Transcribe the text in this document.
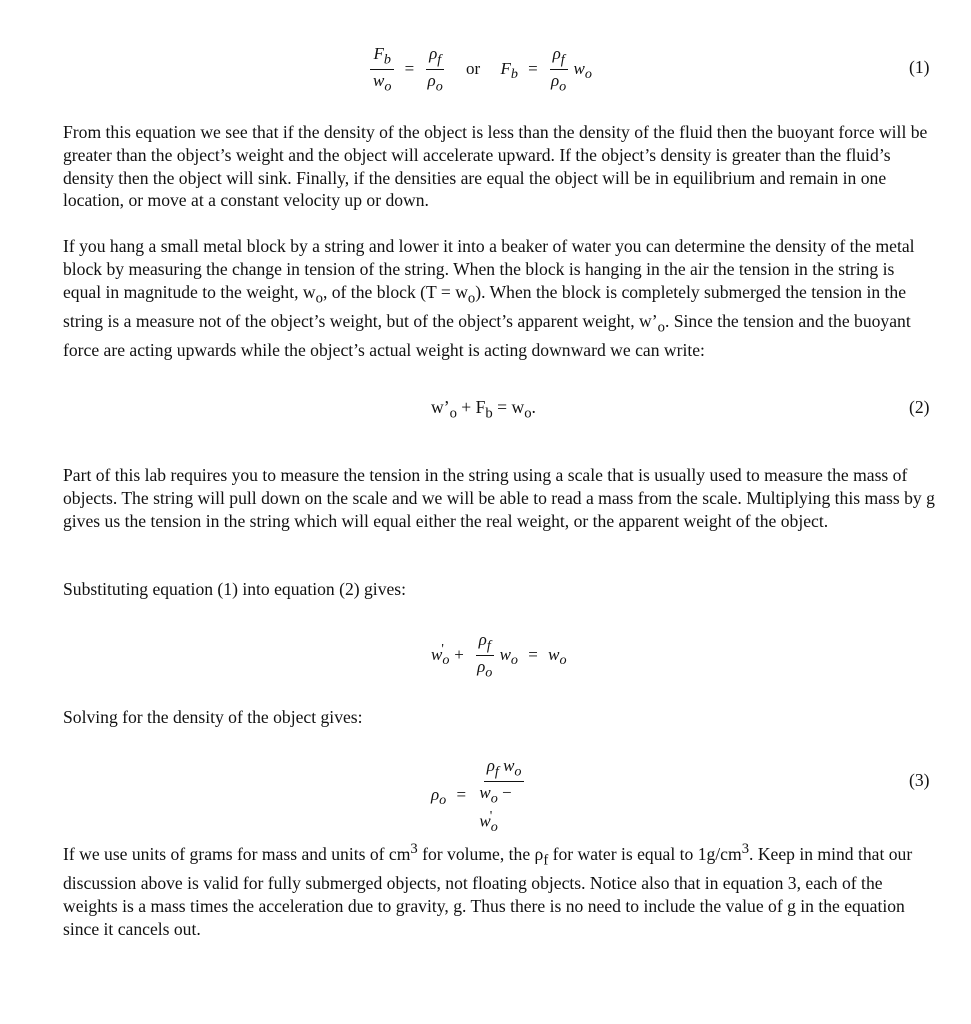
$\frac{F_b}{w_o} = \frac{\rho_f}{\rho_o}$ or $F_b = \frac{\rho_f}{\rho_o} w_o$	(1)

From this equation we see that if the density of the object is less than the density of the fluid then the buoyant force will be greater than the object’s weight and the object will accelerate upward. If the object’s density is greater than the fluid’s density then the object will sink. Finally, if the densities are equal the object will be in equilibrium and remain in one location, or move at a constant velocity up or down.

If you hang a small metal block by a string and lower it into a beaker of water you can determine the density of the metal block by measuring the change in tension of the string. When the block is hanging in the air the tension in the string is equal in magnitude to the weight, $w_o$, of the block $(T = w_o)$. When the block is completely submerged the tension in the string is a measure not of the object’s weight, but of the object’s apparent weight, $w’_o$. Since the tension and the buoyant force are acting upwards while the object’s actual weight is acting downward we can write:

$w’_o + F_b = w_o$.	(2)

Part of this lab requires you to measure the tension in the string using a scale that is usually used to measure the mass of objects. The string will pull down on the scale and we will be able to read a mass from the scale. Multiplying this mass by g gives us the tension in the string which will equal either the real weight, or the apparent weight of the object.

Substituting equation (1) into equation (2) gives:

$w_o' + \frac{\rho_f}{\rho_o} w_o = w_o$

Solving for the density of the object gives:

$\rho_o = \frac{\rho_f w_o}{w_o - w_o'}$	(3)

If we use units of grams for mass and units of $cm^3$ for volume, the $\rho_f$ for water is equal to $1g/cm^3$. Keep in mind that our discussion above is valid for fully submerged objects, not floating objects. Notice also that in equation 3, each of the weights is a mass times the acceleration due to gravity, g. Thus there is no need to include the value of g in the equation since it cancels out.
